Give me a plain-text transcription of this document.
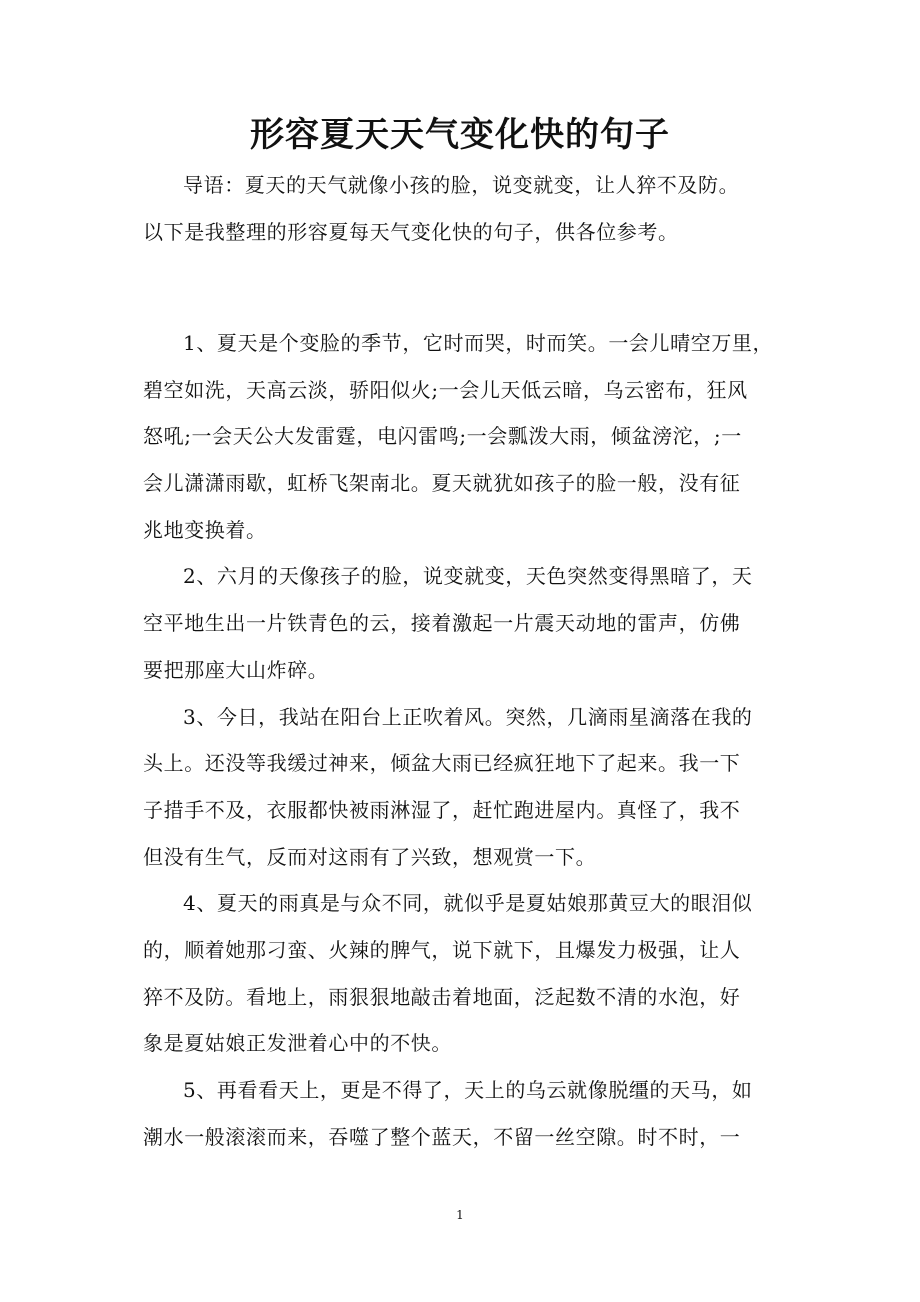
形容夏天天气变化快的句子
导语：夏天的天气就像小孩的脸，说变就变，让人猝不及防。
以下是我整理的形容夏每天气变化快的句子，供各位参考。
1、夏天是个变脸的季节，它时而哭，时而笑。一会儿晴空万里，
碧空如洗，天高云淡，骄阳似火;一会儿天低云暗，乌云密布，狂风
怒吼;一会天公大发雷霆，电闪雷鸣;一会瓢泼大雨，倾盆滂沱，;一
会儿潇潇雨歇，虹桥飞架南北。夏天就犹如孩子的脸一般，没有征
兆地变换着。
2、六月的天像孩子的脸，说变就变，天色突然变得黑暗了，天
空平地生出一片铁青色的云，接着激起一片震天动地的雷声，仿佛
要把那座大山炸碎。
3、今日，我站在阳台上正吹着风。突然，几滴雨星滴落在我的
头上。还没等我缓过神来，倾盆大雨已经疯狂地下了起来。我一下
子措手不及，衣服都快被雨淋湿了，赶忙跑进屋内。真怪了，我不
但没有生气，反而对这雨有了兴致，想观赏一下。
4、夏天的雨真是与众不同，就似乎是夏姑娘那黄豆大的眼泪似
的，顺着她那刁蛮、火辣的脾气，说下就下，且爆发力极强，让人
猝不及防。看地上，雨狠狠地敲击着地面，泛起数不清的水泡，好
象是夏姑娘正发泄着心中的不快。
5、再看看天上，更是不得了，天上的乌云就像脱缰的天马，如
潮水一般滚滚而来，吞噬了整个蓝天，不留一丝空隙。时不时，一
1
